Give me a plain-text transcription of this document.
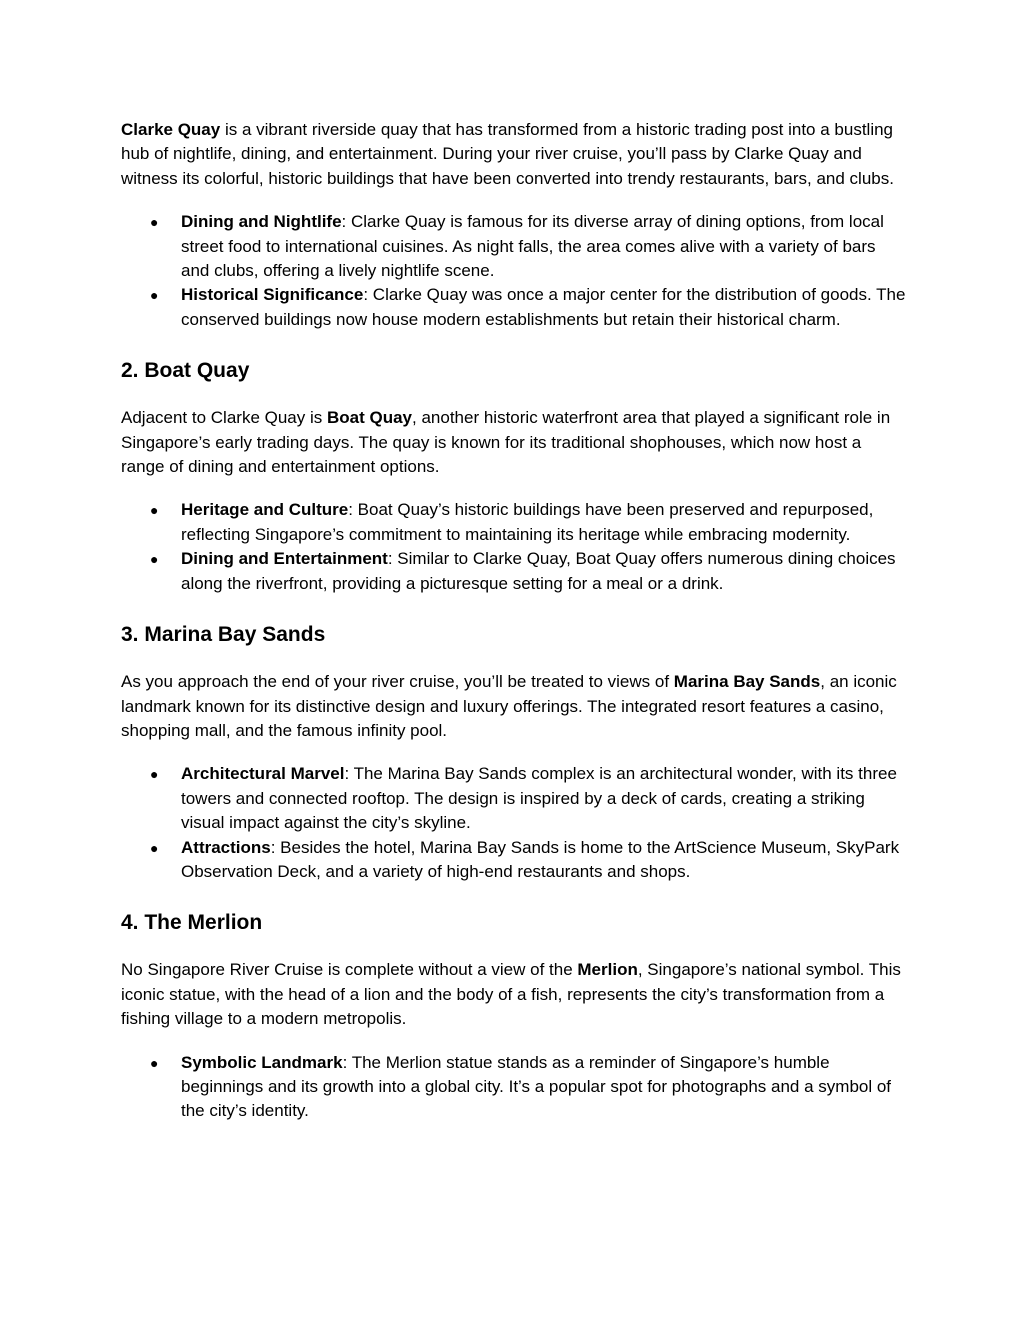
Clarke Quay is a vibrant riverside quay that has transformed from a historic trading post into a bustling hub of nightlife, dining, and entertainment. During your river cruise, you’ll pass by Clarke Quay and witness its colorful, historic buildings that have been converted into trendy restaurants, bars, and clubs.

● Dining and Nightlife: Clarke Quay is famous for its diverse array of dining options, from local street food to international cuisines. As night falls, the area comes alive with a variety of bars and clubs, offering a lively nightlife scene.
● Historical Significance: Clarke Quay was once a major center for the distribution of goods. The conserved buildings now house modern establishments but retain their historical charm.
2. Boat Quay

Adjacent to Clarke Quay is Boat Quay, another historic waterfront area that played a significant role in Singapore’s early trading days. The quay is known for its traditional shophouses, which now host a range of dining and entertainment options.

● Heritage and Culture: Boat Quay’s historic buildings have been preserved and repurposed, reflecting Singapore’s commitment to maintaining its heritage while embracing modernity.
● Dining and Entertainment: Similar to Clarke Quay, Boat Quay offers numerous dining choices along the riverfront, providing a picturesque setting for a meal or a drink.
3. Marina Bay Sands

As you approach the end of your river cruise, you’ll be treated to views of Marina Bay Sands, an iconic landmark known for its distinctive design and luxury offerings. The integrated resort features a casino, shopping mall, and the famous infinity pool.

● Architectural Marvel: The Marina Bay Sands complex is an architectural wonder, with its three towers and connected rooftop. The design is inspired by a deck of cards, creating a striking visual impact against the city’s skyline.
● Attractions: Besides the hotel, Marina Bay Sands is home to the ArtScience Museum, SkyPark Observation Deck, and a variety of high-end restaurants and shops.
4. The Merlion

No Singapore River Cruise is complete without a view of the Merlion, Singapore’s national symbol. This iconic statue, with the head of a lion and the body of a fish, represents the city’s transformation from a fishing village to a modern metropolis.

● Symbolic Landmark: The Merlion statue stands as a reminder of Singapore’s humble beginnings and its growth into a global city. It’s a popular spot for photographs and a symbol of the city’s identity.
